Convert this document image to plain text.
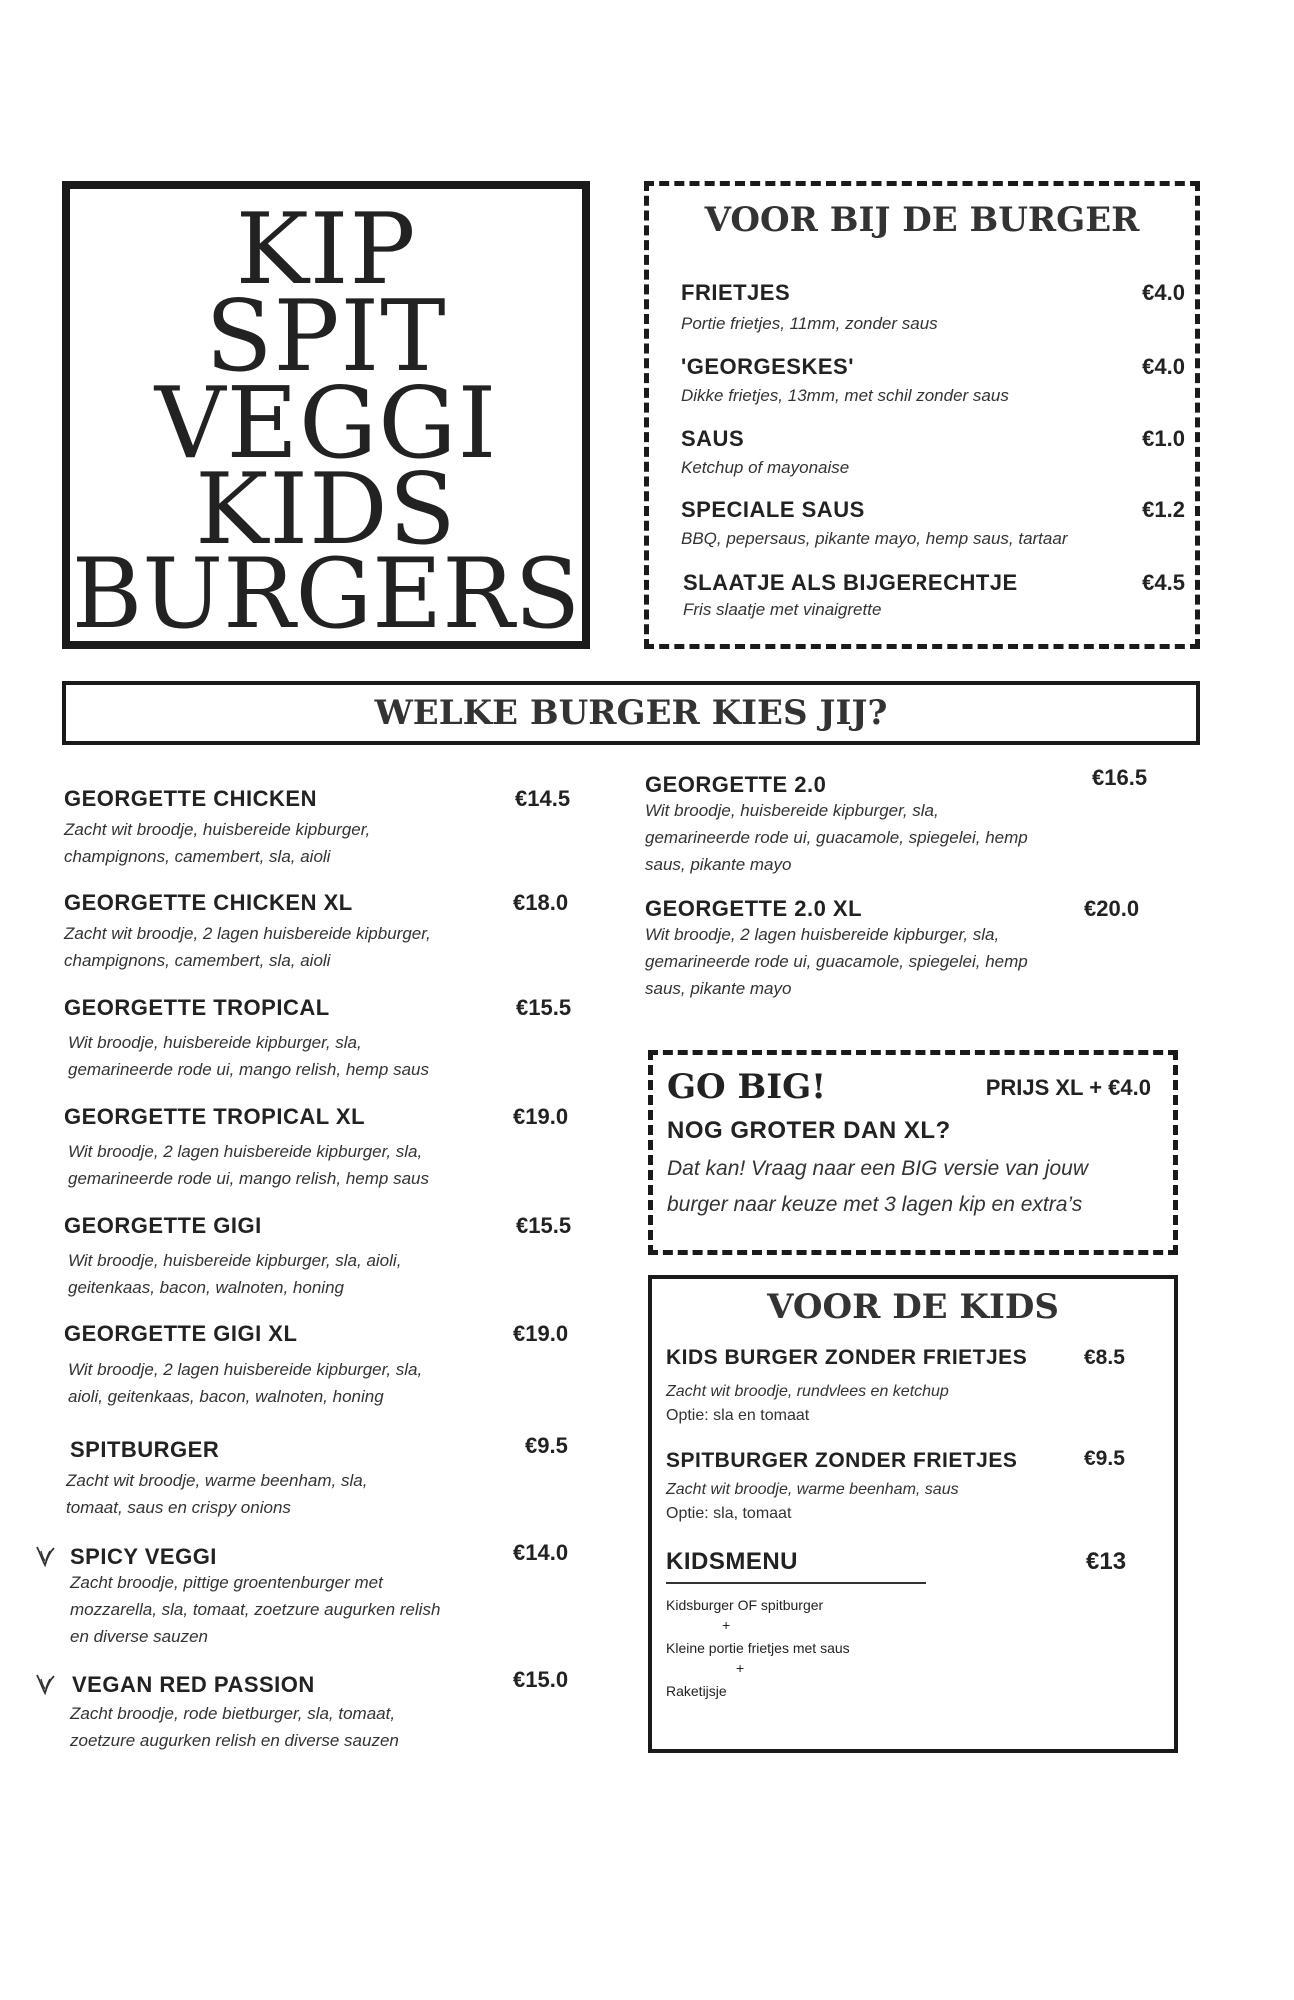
KIP
SPIT
VEGGI
KIDS
BURGERS
VOOR BIJ DE BURGER
FRIETJES	€4.0
Portie frietjes, 11mm, zonder saus
'GEORGESKES'	€4.0
Dikke frietjes, 13mm, met schil zonder saus
SAUS	€1.0
Ketchup of mayonaise
SPECIALE SAUS	€1.2
BBQ, pepersaus, pikante mayo, hemp saus, tartaar
SLAATJE ALS BIJGERECHTJE	€4.5
Fris slaatje met vinaigrette
WELKE BURGER KIES JIJ?
GEORGETTE CHICKEN	€14.5
Zacht wit broodje, huisbereide kipburger,
champignons, camembert, sla, aioli
GEORGETTE CHICKEN XL	€18.0
Zacht wit broodje, 2 lagen huisbereide kipburger,
champignons, camembert, sla, aioli
GEORGETTE TROPICAL	€15.5
Wit broodje, huisbereide kipburger, sla,
gemarineerde rode ui, mango relish, hemp saus
GEORGETTE TROPICAL XL	€19.0
Wit broodje, 2 lagen huisbereide kipburger, sla,
gemarineerde rode ui, mango relish, hemp saus
GEORGETTE GIGI	€15.5
Wit broodje, huisbereide kipburger, sla, aioli,
geitenkaas, bacon, walnoten, honing
GEORGETTE GIGI XL	€19.0
Wit broodje, 2 lagen huisbereide kipburger, sla,
aioli, geitenkaas, bacon, walnoten, honing
SPITBURGER	€9.5
Zacht wit broodje, warme beenham, sla,
tomaat, saus en crispy onions
SPICY VEGGI	€14.0
Zacht broodje, pittige groentenburger met
mozzarella, sla, tomaat, zoetzure augurken relish
en diverse sauzen
VEGAN RED PASSION	€15.0
Zacht broodje, rode bietburger, sla, tomaat,
zoetzure augurken relish en diverse sauzen
GEORGETTE 2.0	€16.5
Wit broodje, huisbereide kipburger, sla,
gemarineerde rode ui, guacamole, spiegelei, hemp
saus, pikante mayo
GEORGETTE 2.0 XL	€20.0
Wit broodje, 2 lagen huisbereide kipburger, sla,
gemarineerde rode ui, guacamole, spiegelei, hemp
saus, pikante mayo
GO BIG!	PRIJS XL + €4.0
NOG GROTER DAN XL?
Dat kan! Vraag naar een BIG versie van jouw
burger naar keuze met 3 lagen kip en extra’s
VOOR DE KIDS
KIDS BURGER ZONDER FRIETJES	€8.5
Zacht wit broodje, rundvlees en ketchup
Optie: sla en tomaat
SPITBURGER ZONDER FRIETJES	€9.5
Zacht wit broodje, warme beenham, saus
Optie: sla, tomaat
KIDSMENU	€13
Kidsburger OF spitburger
+
Kleine portie frietjes met saus
+
Raketijsje
